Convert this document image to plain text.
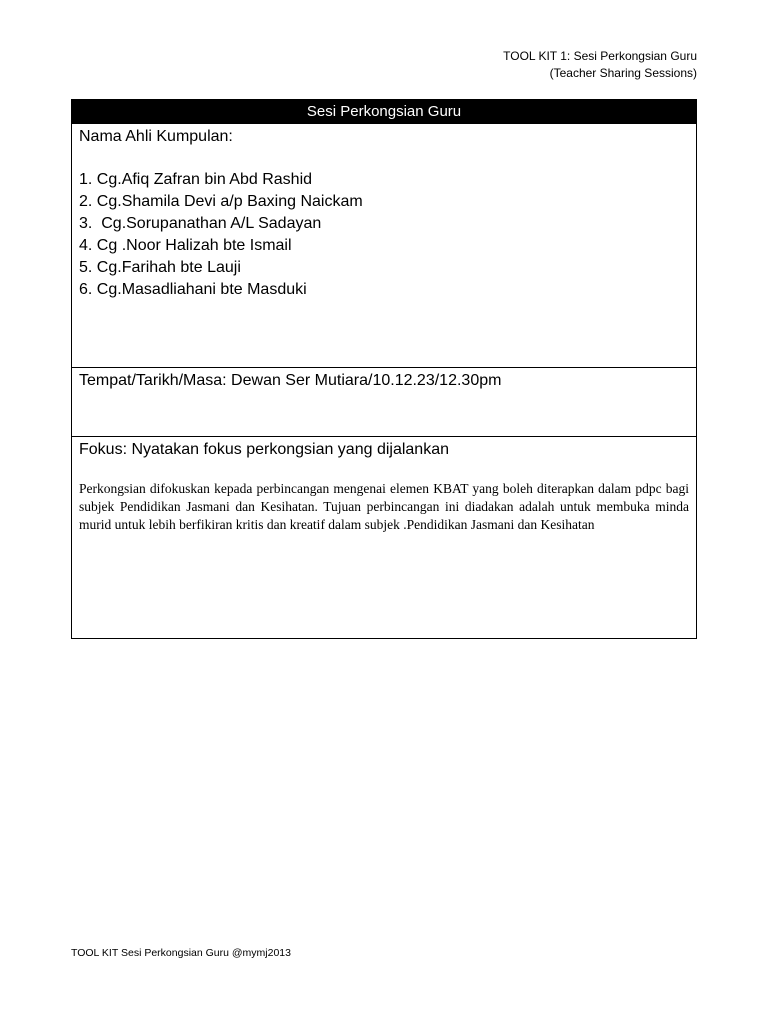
TOOL KIT 1: Sesi Perkongsian Guru
(Teacher Sharing Sessions)
Sesi Perkongsian Guru
Nama Ahli Kumpulan:
1. Cg.Afiq Zafran bin Abd Rashid
2. Cg.Shamila Devi a/p Baxing Naickam
3.  Cg.Sorupanathan A/L Sadayan
4. Cg .Noor Halizah bte Ismail
5. Cg.Farihah bte Lauji
6. Cg.Masadliahani bte Masduki
Tempat/Tarikh/Masa: Dewan Ser Mutiara/10.12.23/12.30pm
Fokus: Nyatakan fokus perkongsian yang dijalankan
Perkongsian difokuskan kepada perbincangan mengenai elemen KBAT yang boleh diterapkan dalam pdpc bagi subjek Pendidikan Jasmani dan Kesihatan. Tujuan perbincangan ini diadakan adalah untuk membuka minda murid untuk lebih berfikiran kritis dan kreatif dalam subjek .Pendidikan Jasmani dan Kesihatan
TOOL KIT Sesi Perkongsian Guru @mymj2013
